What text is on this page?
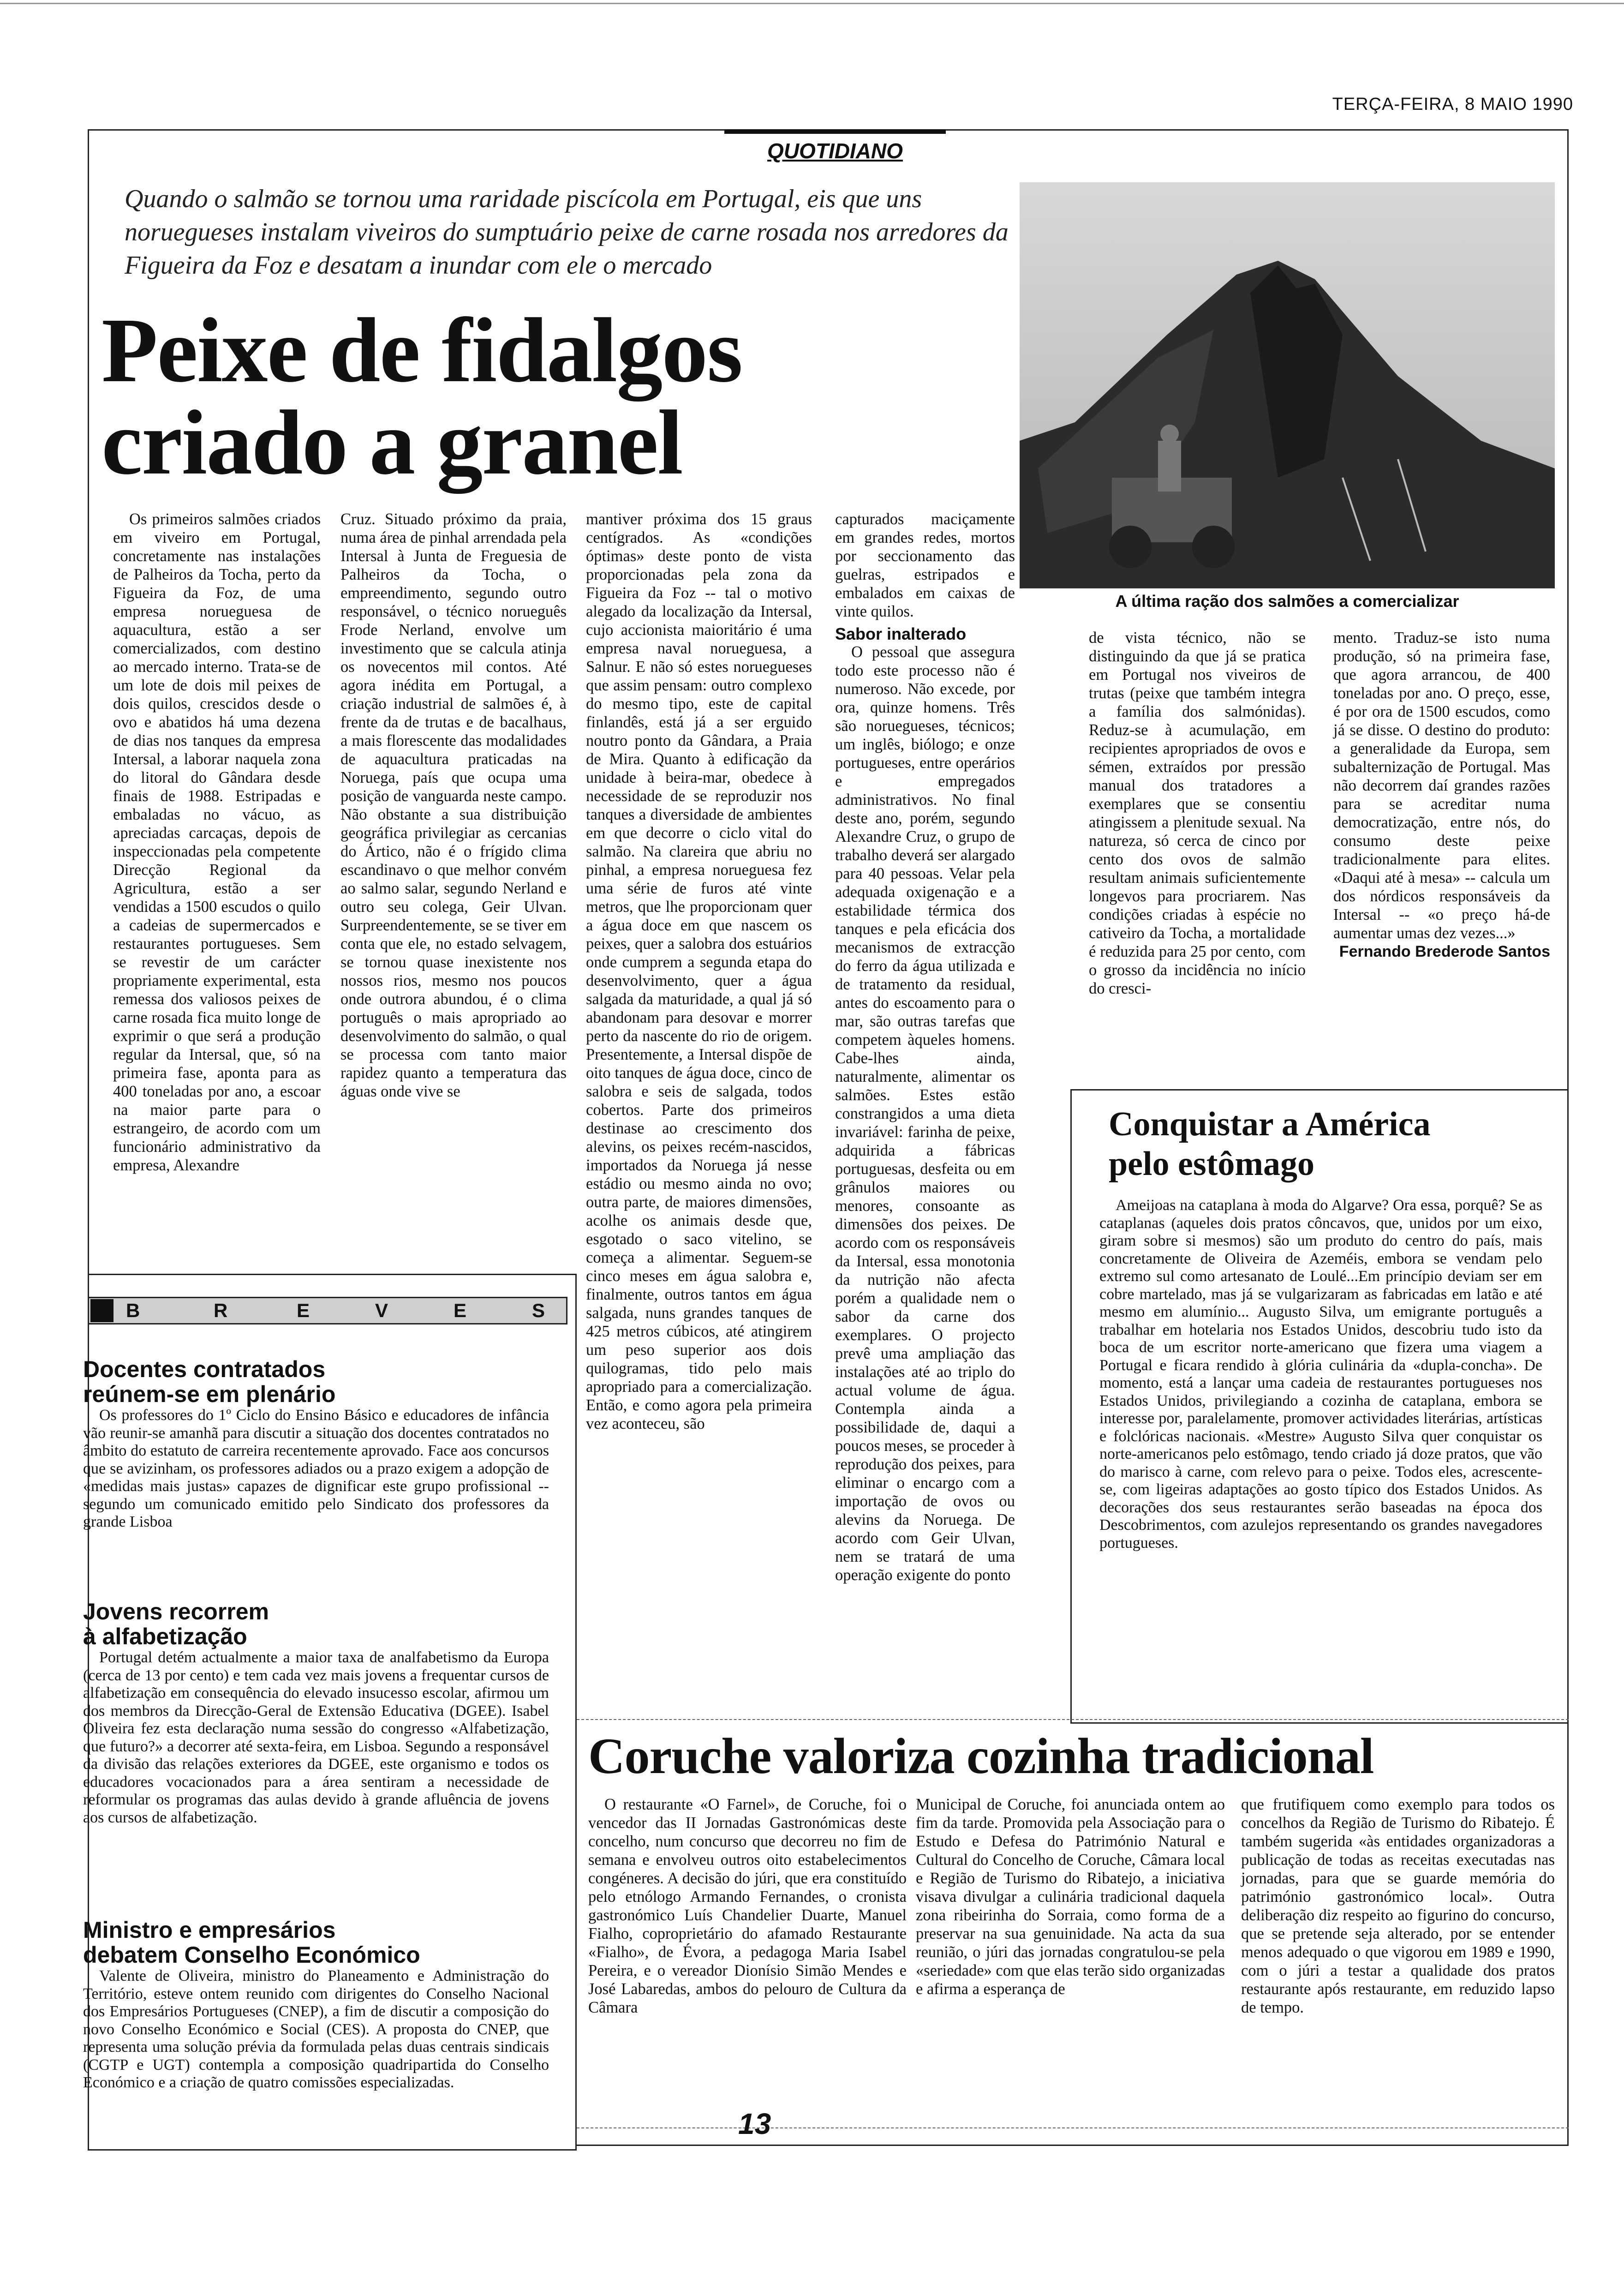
TERÇA-FEIRA, 8 MAIO 1990
QUOTIDIANO
Quando o salmão se tornou uma raridade piscícola em Portugal, eis que uns noruegueses instalam viveiros do sumptuário peixe de carne rosada nos arredores da Figueira da Foz e desatam a inundar com ele o mercado
Peixe de fidalgos
criado a granel
A última ração dos salmões a comercializar

Os primeiros salmões criados em viveiro em Portugal, concretamente nas instalações de Palheiros da Tocha, perto da Figueira da Foz, de uma empresa norueguesa de aquacultura, estão a ser comercializados, com destino ao mercado interno. Trata-se de um lote de dois mil peixes de dois quilos, crescidos desde o ovo e abatidos há uma dezena de dias nos tanques da empresa Intersal, a laborar naquela zona do litoral do Gândara desde finais de 1988. Estripadas e embaladas no vácuo, as apreciadas carcaças, depois de inspeccionadas pela competente Direcção Regional da Agricultura, estão a ser vendidas a 1500 escudos o quilo a cadeias de supermercados e restaurantes portugueses. Sem se revestir de um carácter propriamente experimental, esta remessa dos valiosos peixes de carne rosada fica muito longe de exprimir o que será a produção regular da Intersal, que, só na primeira fase, aponta para as 400 toneladas por ano, a escoar na maior parte para o estrangeiro, de acordo com um funcionário administrativo da empresa, Alexandre

Cruz. Situado próximo da praia, numa área de pinhal arrendada pela Intersal à Junta de Freguesia de Palheiros da Tocha, o empreendimento, segundo outro responsável, o técnico norueguês Frode Nerland, envolve um investimento que se calcula atinja os novecentos mil contos. Até agora inédita em Portugal, a criação industrial de salmões é, à frente da de trutas e de bacalhaus, a mais florescente das modalidades de aquacultura praticadas na Noruega, país que ocupa uma posição de vanguarda neste campo. Não obstante a sua distribuição geográfica privilegiar as cercanias do Ártico, não é o frígido clima escandinavo o que melhor convém ao salmo salar, segundo Nerland e outro seu colega, Geir Ulvan. Surpreendentemente, se se tiver em conta que ele, no estado selvagem, se tornou quase inexistente nos nossos rios, mesmo nos poucos onde outrora abundou, é o clima português o mais apropriado ao desenvolvimento do salmão, o qual se processa com tanto maior rapidez quanto a temperatura das águas onde vive se

mantiver próxima dos 15 graus centígrados. As «condições óptimas» deste ponto de vista proporcionadas pela zona da Figueira da Foz -- tal o motivo alegado da localização da Intersal, cujo accionista maioritário é uma empresa naval norueguesa, a Salnur. E não só estes noruegueses que assim pensam: outro complexo do mesmo tipo, este de capital finlandês, está já a ser erguido noutro ponto da Gândara, a Praia de Mira. Quanto à edificação da unidade à beira-mar, obedece à necessidade de se reproduzir nos tanques a diversidade de ambientes em que decorre o ciclo vital do salmão. Na clareira que abriu no pinhal, a empresa norueguesa fez uma série de furos até vinte metros, que lhe proporcionam quer a água doce em que nascem os peixes, quer a salobra dos estuários onde cumprem a segunda etapa do desenvolvimento, quer a água salgada da maturidade, a qual já só abandonam para desovar e morrer perto da nascente do rio de origem. Presentemente, a Intersal dispõe de oito tanques de água doce, cinco de salobra e seis de salgada, todos cobertos. Parte dos primeiros destinase ao crescimento dos alevins, os peixes recém-nascidos, importados da Noruega já nesse estádio ou mesmo ainda no ovo; outra parte, de maiores dimensões, acolhe os animais desde que, esgotado o saco vitelino, se começa a alimentar. Seguem-se cinco meses em água salobra e, finalmente, outros tantos em água salgada, nuns grandes tanques de 425 metros cúbicos, até atingirem um peso superior aos dois quilogramas, tido pelo mais apropriado para a comercialização. Então, e como agora pela primeira vez aconteceu, são

capturados maciçamente em grandes redes, mortos por seccionamento das guelras, estripados e embalados em caixas de vinte quilos.

Sabor inalterado

O pessoal que assegura todo este processo não é numeroso. Não excede, por ora, quinze homens. Três são noruegueses, técnicos; um inglês, biólogo; e onze portugueses, entre operários e empregados administrativos. No final deste ano, porém, segundo Alexandre Cruz, o grupo de trabalho deverá ser alargado para 40 pessoas. Velar pela adequada oxigenação e a estabilidade térmica dos tanques e pela eficácia dos mecanismos de extracção do ferro da água utilizada e de tratamento da residual, antes do escoamento para o mar, são outras tarefas que competem àqueles homens. Cabe-lhes ainda, naturalmente, alimentar os salmões. Estes estão constrangidos a uma dieta invariável: farinha de peixe, adquirida a fábricas portuguesas, desfeita ou em grânulos maiores ou menores, consoante as dimensões dos peixes. De acordo com os responsáveis da Intersal, essa monotonia da nutrição não afecta porém a qualidade nem o sabor da carne dos exemplares. O projecto prevê uma ampliação das instalações até ao triplo do actual volume de água. Contempla ainda a possibilidade de, daqui a poucos meses, se proceder à reprodução dos peixes, para eliminar o encargo com a importação de ovos ou alevins da Noruega. De acordo com Geir Ulvan, nem se tratará de uma operação exigente do ponto

de vista técnico, não se distinguindo da que já se pratica em Portugal nos viveiros de trutas (peixe que também integra a família dos salmónidas). Reduz-se à acumulação, em recipientes apropriados de ovos e sémen, extraídos por pressão manual dos tratadores a exemplares que se consentiu atingissem a plenitude sexual. Na natureza, só cerca de cinco por cento dos ovos de salmão resultam animais suficientemente longevos para procriarem. Nas condições criadas à espécie no cativeiro da Tocha, a mortalidade é reduzida para 25 por cento, com o grosso da incidência no início do cresci-

mento. Traduz-se isto numa produção, só na primeira fase, que agora arrancou, de 400 toneladas por ano. O preço, esse, é por ora de 1500 escudos, como já se disse. O destino do produto: a generalidade da Europa, sem subalternização de Portugal. Mas não decorrem daí grandes razões para se acreditar numa democratização, entre nós, do consumo deste peixe tradicionalmente para elites. «Daqui até à mesa» -- calcula um dos nórdicos responsáveis da Intersal -- «o preço há-de aumentar umas dez vezes...»

Fernando Brederode Santos
Conquistar a América
pelo estômago

Ameijoas na cataplana à moda do Algarve? Ora essa, porquê? Se as cataplanas (aqueles dois pratos côncavos, que, unidos por um eixo, giram sobre si mesmos) são um produto do centro do país, mais concretamente de Oliveira de Azeméis, embora se vendam pelo extremo sul como artesanato de Loulé...Em princípio deviam ser em cobre martelado, mas já se vulgarizaram as fabricadas em latão e até mesmo em alumínio... Augusto Silva, um emigrante português a trabalhar em hotelaria nos Estados Unidos, descobriu tudo isto da boca de um escritor norte-americano que fizera uma viagem a Portugal e ficara rendido à glória culinária da «dupla-concha». De momento, está a lançar uma cadeia de restaurantes portugueses nos Estados Unidos, privilegiando a cozinha de cataplana, embora se interesse por, paralelamente, promover actividades literárias, artísticas e folclóricas nacionais. «Mestre» Augusto Silva quer conquistar os norte-americanos pelo estômago, tendo criado já doze pratos, que vão do marisco à carne, com relevo para o peixe. Todos eles, acrescente-se, com ligeiras adaptações ao gosto típico dos Estados Unidos. As decorações dos seus restaurantes serão baseadas na época dos Descobrimentos, com azulejos representando os grandes navegadores portugueses.

B	R	E	V	E	S
Docentes contratados
reúnem-se em plenário

Os professores do 1º Ciclo do Ensino Básico e educadores de infância vão reunir-se amanhã para discutir a situação dos docentes contratados no âmbito do estatuto de carreira recentemente aprovado. Face aos concursos que se avizinham, os professores adiados ou a prazo exigem a adopção de «medidas mais justas» capazes de dignificar este grupo profissional -- segundo um comunicado emitido pelo Sindicato dos professores da grande Lisboa

Jovens recorrem
à alfabetização

Portugal detém actualmente a maior taxa de analfabetismo da Europa (cerca de 13 por cento) e tem cada vez mais jovens a frequentar cursos de alfabetização em consequência do elevado insucesso escolar, afirmou um dos membros da Direcção-Geral de Extensão Educativa (DGEE). Isabel Oliveira fez esta declaração numa sessão do congresso «Alfabetização, que futuro?» a decorrer até sexta-feira, em Lisboa. Segundo a responsável da divisão das relações exteriores da DGEE, este organismo e todos os educadores vocacionados para a área sentiram a necessidade de reformular os programas das aulas devido à grande afluência de jovens aos cursos de alfabetização.

Ministro e empresários
debatem Conselho Económico

Valente de Oliveira, ministro do Planeamento e Administração do Território, esteve ontem reunido com dirigentes do Conselho Nacional dos Empresários Portugueses (CNEP), a fim de discutir a composição do novo Conselho Económico e Social (CES). A proposta do CNEP, que representa uma solução prévia da formulada pelas duas centrais sindicais (CGTP e UGT) contempla a composição quadripartida do Conselho Económico e a criação de quatro comissões especializadas.

Coruche valoriza cozinha tradicional

O restaurante «O Farnel», de Coruche, foi o vencedor das II Jornadas Gastronómicas deste concelho, num concurso que decorreu no fim de semana e envolveu outros oito estabelecimentos congéneres. A decisão do júri, que era constituído pelo etnólogo Armando Fernandes, o cronista gastronómico Luís Chandelier Duarte, Manuel Fialho, coproprietário do afamado Restaurante «Fialho», de Évora, a pedagoga Maria Isabel Pereira, e o vereador Dionísio Simão Mendes e José Labaredas, ambos do pelouro de Cultura da Câmara

Municipal de Coruche, foi anunciada ontem ao fim da tarde. Promovida pela Associação para o Estudo e Defesa do Património Natural e Cultural do Concelho de Coruche, Câmara local e Região de Turismo do Ribatejo, a iniciativa visava divulgar a culinária tradicional daquela zona ribeirinha do Sorraia, como forma de a preservar na sua genuinidade. Na acta da sua reunião, o júri das jornadas congratulou-se pela «seriedade» com que elas terão sido organizadas e afirma a esperança de

que frutifiquem como exemplo para todos os concelhos da Região de Turismo do Ribatejo. É também sugerida «às entidades organizadoras a publicação de todas as receitas executadas nas jornadas, para que se guarde memória do património gastronómico local». Outra deliberação diz respeito ao figurino do concurso, que se pretende seja alterado, por se entender menos adequado o que vigorou em 1989 e 1990, com o júri a testar a qualidade dos pratos restaurante após restaurante, em reduzido lapso de tempo.

13
